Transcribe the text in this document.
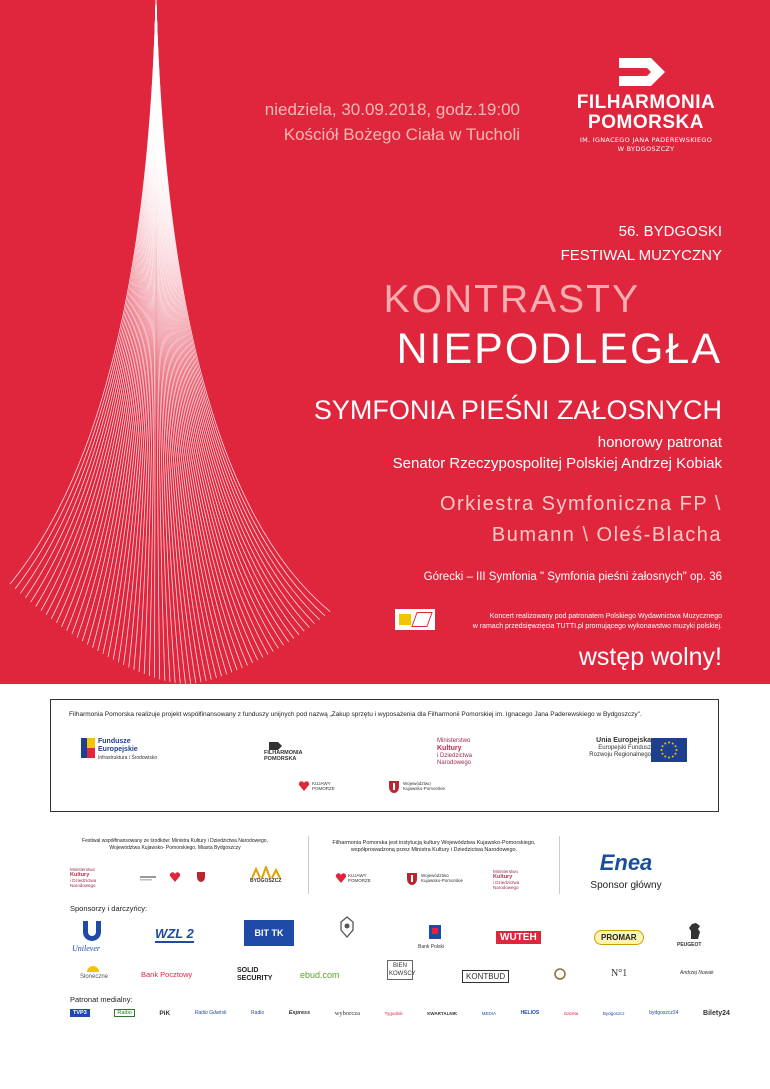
niedziela, 30.09.2018, godz.19:00
Kościół Bożego Ciała w Tucholi
FILHARMONIA
POMORSKA
IM. IGNACEGO JANA PADEREWSKIEGO
W BYDGOSZCZY
56. BYDGOSKI
FESTIWAL MUZYCZNY
KONTRASTY
NIEPODLEGŁA
SYMFONIA PIEŚNI ZAŁOSNYCH
honorowy patronat
Senator Rzeczypospolitej Polskiej Andrzej Kobiak
Orkiestra Symfoniczna FP \
Bumann \ Oleś-Blacha
Górecki – III Symfonia " Symfonia pieśni żałosnych" op. 36
Koncert realizowany pod patronatem Polskiego Wydawnictwa Muzycznego
w ramach przedsięwzięcia TUTTI.pl promującego wykonawstwo muzyki polskiej.
wstęp wolny!
Filharmonia Pomorska realizuje projekt współfinansowany z funduszy unijnych pod nazwą „Zakup sprzętu i wyposażenia dla Filharmonii Pomorskiej im. Ignacego Jana Paderewskiego w Bydgoszczy".
Fundusze
Europejskie
Infrastruktura i Środowisko
FILHARMONIA
POMORSKA
Ministerstwo
Kultury
i Dziedzictwa
Narodowego
Unia Europejska
Europejski Fundusz
Rozwoju Regionalnego
KUJAWY
POMORZE
Województwo
Kujawsko-Pomorskie
Festiwal współfinansowany ze środków: Ministra Kultury i Dziedzictwa Narodowego,
Województwa Kujawsko- Pomorskiego, Miasta Bydgoszczy
Ministerstwo
Kultury
i Dziedzictwa
Narodowego
BYDGOSZCZ
Filharmonia Pomorska jest instytucją kultury Województwa Kujawsko-Pomorskiego,
współprowadzoną przez Ministra Kultury i Dziedzictwa Narodowego.
KUJAWY
POMORZE
Województwo
Kujawsko-Pomorskie
Ministerstwo
Kultury
i Dziedzictwa
Narodowego
Enea
Sponsor główny
Sponsorzy i darczyńcy:
Unilever
WZL 2	BIT TK
Bank Polski
WUTEH	PROMAR
PEUGEOT
Słoneczne	Bank Pocztowy	SOLID SECURITY	ebud.com
BIEN KOWSCY	KONTBUD	N°1	Andrzej Nowak
Patronat medialny:
TVP3	Radio	PiK	Radio Gdańsk	Radio	Express	wyborcza	Tygodnik	KWARTALNIK	MEDIA	HELIOS	Gazeta	Bydgoszcz	bydgoszcz24	Bilety24
